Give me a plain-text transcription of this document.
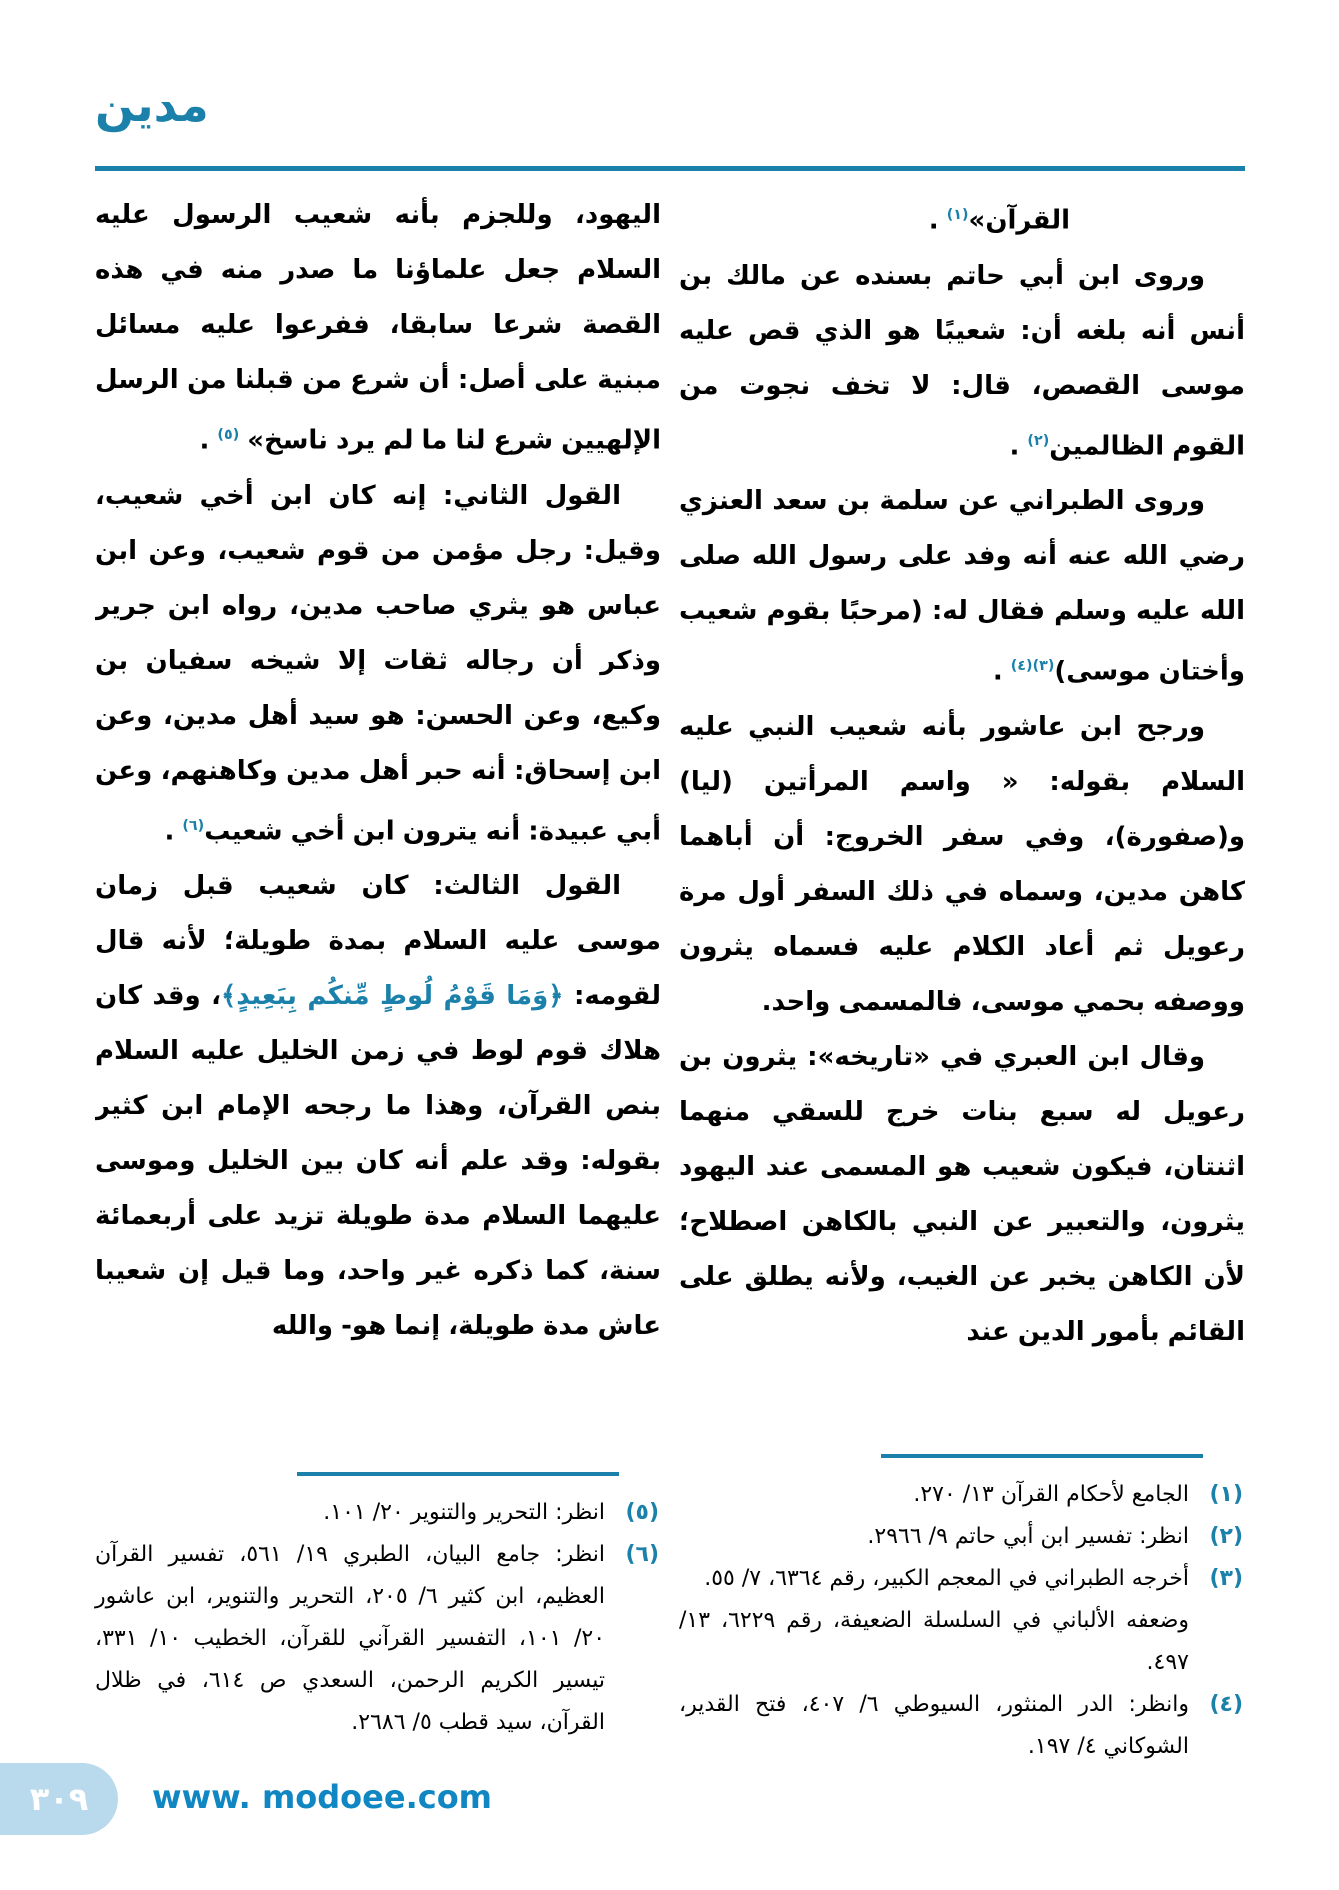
مدين
القرآن»$^{(١)}$ .
وروى ابن أبي حاتم بسنده عن مالك بن أنس أنه بلغه أن: شعيبًا هو الذي قص عليه موسى القصص، قال: لا تخف نجوت من القوم الظالمين$^{(٢)}$ .
وروى الطبراني عن سلمة بن سعد العنزي رضي الله عنه أنه وفد على رسول الله صلى الله عليه وسلم فقال له: (مرحبًا بقوم شعيب وأختان موسى)$^{(٣)(٤)}$ .
ورجح ابن عاشور بأنه شعيب النبي عليه السلام بقوله: « واسم المرأتين (ليا) و(صفورة)، وفي سفر الخروج: أن أباهما كاهن مدين، وسماه في ذلك السفر أول مرة رعويل ثم أعاد الكلام عليه فسماه يثرون ووصفه بحمي موسى، فالمسمى واحد.
وقال ابن العبري في «تاريخه»: يثرون بن رعويل له سبع بنات خرج للسقي منهما اثنتان، فيكون شعيب هو المسمى عند اليهود يثرون، والتعبير عن النبي بالكاهن اصطلاح؛ لأن الكاهن يخبر عن الغيب، ولأنه يطلق على القائم بأمور الدين عند
(١)
الجامع لأحكام القرآن ١٣/ ٢٧٠.
(٢)
انظر: تفسير ابن أبي حاتم ٩/ ٢٩٦٦.
(٣)
أخرجه الطبراني في المعجم الكبير، رقم ٦٣٦٤، ٧/ ٥٥.
وضعفه الألباني في السلسلة الضعيفة، رقم ٦٢٢٩، ١٣/ ٤٩٧.
(٤)
وانظر: الدر المنثور، السيوطي ٦/ ٤٠٧، فتح القدير، الشوكاني ٤/ ١٩٧.
اليهود، وللجزم بأنه شعيب الرسول عليه السلام جعل علماؤنا ما صدر منه في هذه القصة شرعا سابقا، ففرعوا عليه مسائل مبنية على أصل: أن شرع من قبلنا من الرسل الإلهيين شرع لنا ما لم يرد ناسخ» $^{(٥)}$ .
القول الثاني: إنه كان ابن أخي شعيب، وقيل: رجل مؤمن من قوم شعيب، وعن ابن عباس هو يثري صاحب مدين، رواه ابن جرير وذكر أن رجاله ثقات إلا شيخه سفيان بن وكيع، وعن الحسن: هو سيد أهل مدين، وعن ابن إسحاق: أنه حبر أهل مدين وكاهنهم، وعن أبي عبيدة: أنه يترون ابن أخي شعيب$^{(٦)}$ .
القول الثالث: كان شعيب قبل زمان موسى عليه السلام بمدة طويلة؛ لأنه قال لقومه: ﴿وَمَا قَوْمُ لُوطٍ مِّنكُم بِبَعِيدٍ﴾، وقد كان هلاك قوم لوط في زمن الخليل عليه السلام بنص القرآن، وهذا ما رجحه الإمام ابن كثير بقوله: وقد علم أنه كان بين الخليل وموسى عليهما السلام مدة طويلة تزيد على أربعمائة سنة، كما ذكره غير واحد، وما قيل إن شعيبا عاش مدة طويلة، إنما هو- والله
(٥)
انظر: التحرير والتنوير ٢٠/ ١٠١.
(٦)
انظر: جامع البيان، الطبري ١٩/ ٥٦١، تفسير القرآن العظيم، ابن كثير ٦/ ٢٠٥، التحرير والتنوير، ابن عاشور ٢٠/ ١٠١، التفسير القرآني للقرآن، الخطيب ١٠/ ٣٣١، تيسير الكريم الرحمن، السعدي ص ٦١٤، في ظلال القرآن، سيد قطب ٥/ ٢٦٨٦.
٣٠٩ www. modoee.com
